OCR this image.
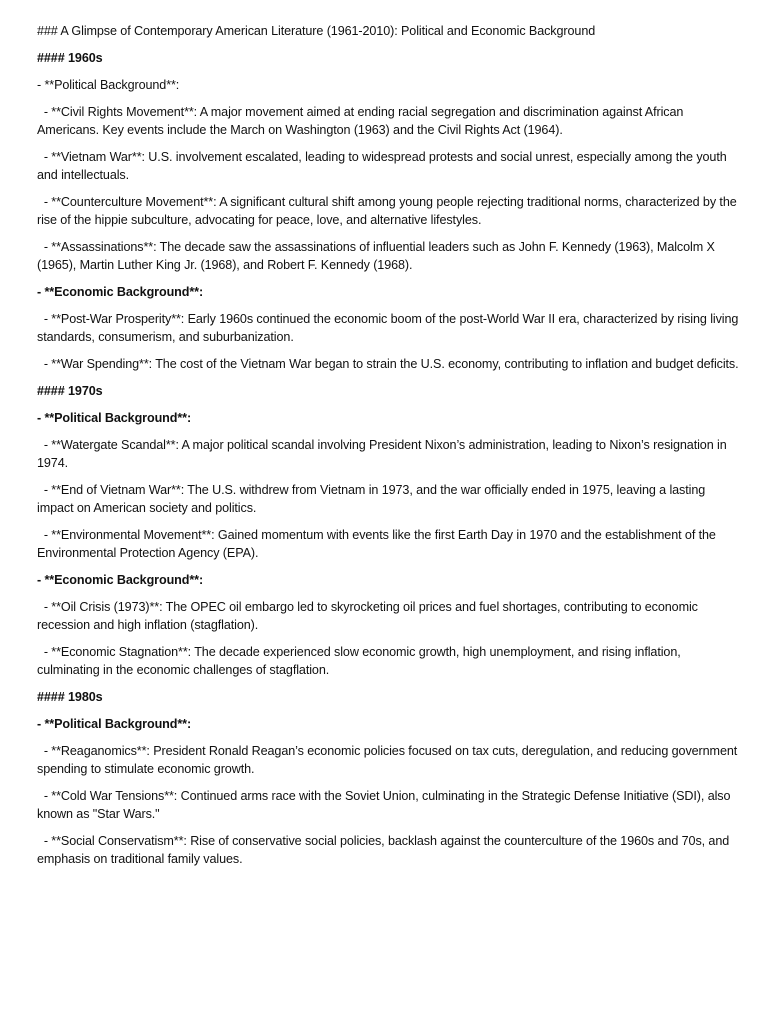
### A Glimpse of Contemporary American Literature (1961-2010): Political and Economic Background

#### 1960s

- **Political Background**:

- **Civil Rights Movement**: A major movement aimed at ending racial segregation and discrimination against African Americans. Key events include the March on Washington (1963) and the Civil Rights Act (1964).

- **Vietnam War**: U.S. involvement escalated, leading to widespread protests and social unrest, especially among the youth and intellectuals.

- **Counterculture Movement**: A significant cultural shift among young people rejecting traditional norms, characterized by the rise of the hippie subculture, advocating for peace, love, and alternative lifestyles.

- **Assassinations**: The decade saw the assassinations of influential leaders such as John F. Kennedy (1963), Malcolm X (1965), Martin Luther King Jr. (1968), and Robert F. Kennedy (1968).

- **Economic Background**:

- **Post-War Prosperity**: Early 1960s continued the economic boom of the post-World War II era, characterized by rising living standards, consumerism, and suburbanization.

- **War Spending**: The cost of the Vietnam War began to strain the U.S. economy, contributing to inflation and budget deficits.

#### 1970s

- **Political Background**:

- **Watergate Scandal**: A major political scandal involving President Nixon’s administration, leading to Nixon’s resignation in 1974.

- **End of Vietnam War**: The U.S. withdrew from Vietnam in 1973, and the war officially ended in 1975, leaving a lasting impact on American society and politics.

- **Environmental Movement**: Gained momentum with events like the first Earth Day in 1970 and the establishment of the Environmental Protection Agency (EPA).

- **Economic Background**:

- **Oil Crisis (1973)**: The OPEC oil embargo led to skyrocketing oil prices and fuel shortages, contributing to economic recession and high inflation (stagflation).

- **Economic Stagnation**: The decade experienced slow economic growth, high unemployment, and rising inflation, culminating in the economic challenges of stagflation.

#### 1980s

- **Political Background**:

- **Reaganomics**: President Ronald Reagan’s economic policies focused on tax cuts, deregulation, and reducing government spending to stimulate economic growth.

- **Cold War Tensions**: Continued arms race with the Soviet Union, culminating in the Strategic Defense Initiative (SDI), also known as "Star Wars."

- **Social Conservatism**: Rise of conservative social policies, backlash against the counterculture of the 1960s and 70s, and emphasis on traditional family values.
